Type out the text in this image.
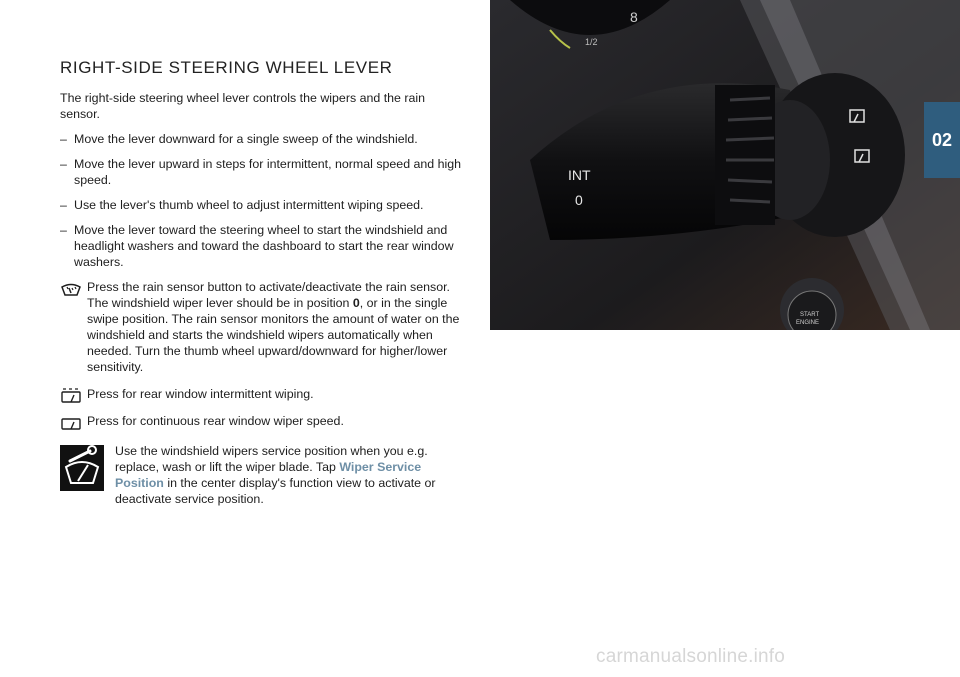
RIGHT-SIDE STEERING WHEEL LEVER

The right-side steering wheel lever controls the wipers and the rain sensor.

– Move the lever downward for a single sweep of the windshield.
– Move the lever upward in steps for intermittent, normal speed and high speed.
– Use the lever's thumb wheel to adjust intermittent wiping speed.
– Move the lever toward the steering wheel to start the windshield and headlight washers and toward the dashboard to start the rear window washers.
Press the rain sensor button to activate/deactivate the rain sensor. The windshield wiper lever should be in position 0, or in the single swipe position. The rain sensor monitors the amount of water on the windshield and starts the windshield wipers automatically when needed. Turn the thumb wheel upward/downward for higher/lower sensitivity.
Press for rear window intermittent wiping.
Press for continuous rear window wiper speed.
Use the windshield wipers service position when you e.g. replace, wash or lift the wiper blade. Tap Wiper Service Position in the center display's function view to activate or deactivate service position.
8
1/2
INT
0
START
ENGINE
02
carmanualsonline.info
